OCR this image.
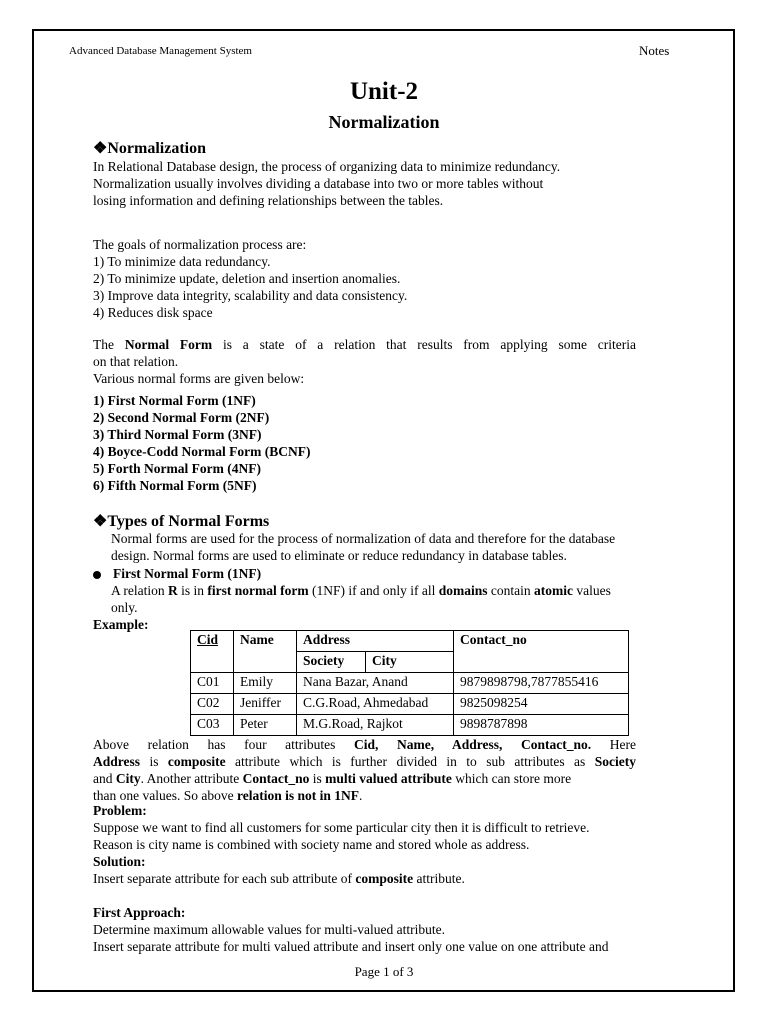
Advanced Database Management System	Notes
Unit-2
Normalization
❖Normalization
In Relational Database design, the process of organizing data to minimize redundancy.
Normalization usually involves dividing a database into two or more tables without
losing information and defining relationships between the tables.
The goals of normalization process are:
1) To minimize data redundancy.
2) To minimize update, deletion and insertion anomalies.
3) Improve data integrity, scalability and data consistency.
4) Reduces disk space
The Normal Form is a state of a relation that results from applying some criteria
on that relation.
Various normal forms are given below:
1) First Normal Form (1NF)
2) Second Normal Form (2NF)
3) Third Normal Form (3NF)
4) Boyce-Codd Normal Form (BCNF)
5) Forth Normal Form (4NF)
6) Fifth Normal Form (5NF)
❖Types of Normal Forms
Normal forms are used for the process of normalization of data and therefore for the database
design. Normal forms are used to eliminate or reduce redundancy in database tables.
First Normal Form (1NF)
A relation R is in first normal form (1NF) if and only if all domains contain atomic values
only.
Example:
Cid	Name	Address		Contact_no
		Society	City	
C01	Emily	Nana Bazar, Anand		9879898798,7877855416
C02	Jeniffer	C.G.Road, Ahmedabad		9825098254
C03	Peter	M.G.Road, Rajkot		9898787898
Above relation has four attributes Cid, Name, Address, Contact_no. Here
Address is composite attribute which is further divided in to sub attributes as Society
and City. Another attribute Contact_no is multi valued attribute which can store more
than one values. So above relation is not in 1NF.
Problem:
Suppose we want to find all customers for some particular city then it is difficult to retrieve.
Reason is city name is combined with society name and stored whole as address.
Solution:
Insert separate attribute for each sub attribute of composite attribute.
First Approach:
Determine maximum allowable values for multi-valued attribute.
Insert separate attribute for multi valued attribute and insert only one value on one attribute and
Page 1 of 3
